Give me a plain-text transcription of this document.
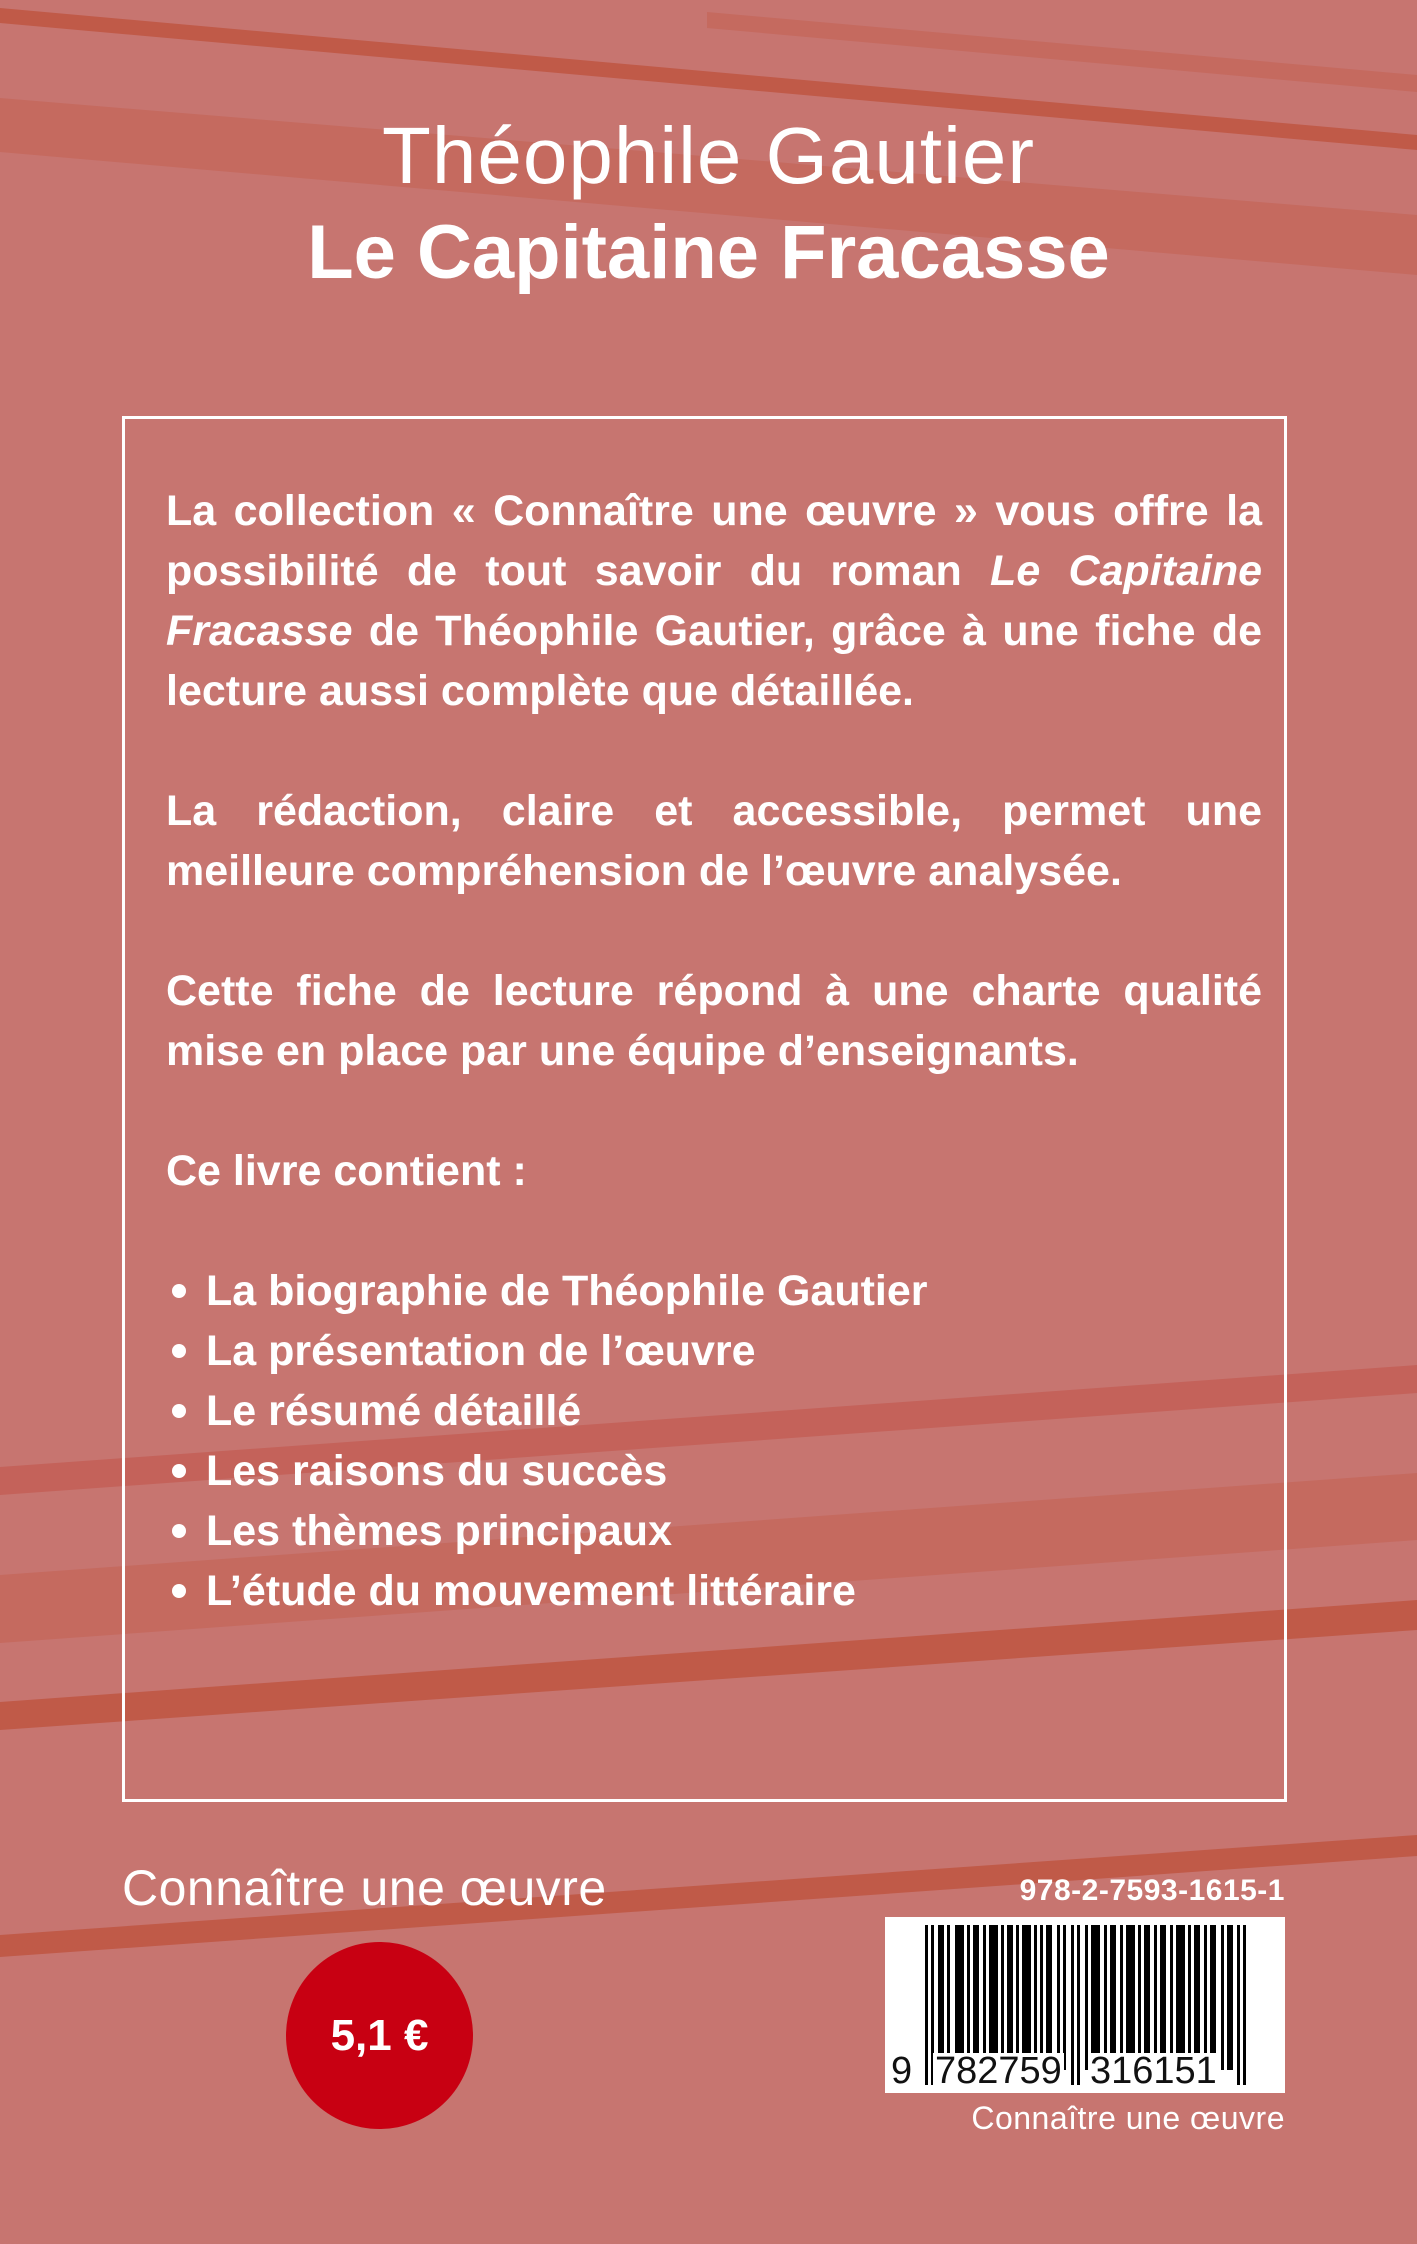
Théophile Gautier
Le Capitaine Fracasse

La collection « Connaître une œuvre » vous offre la possibilité de tout savoir du roman Le Capitaine Fracasse de Théophile Gautier, grâce à une fiche de lecture aussi complète que détaillée.

La rédaction, claire et accessible, permet une meilleure compréhension de l’œuvre analysée.

Cette fiche de lecture répond à une charte qualité mise en place par une équipe d’enseignants.

Ce livre contient :

La biographie de Théophile Gautier
La présentation de l’œuvre
Le résumé détaillé
Les raisons du succès
Les thèmes principaux
L’étude du mouvement littéraire
Connaître une œuvre
5,1 €
978-2-7593-1615-1
9 782759 316151
Connaître une œuvre
